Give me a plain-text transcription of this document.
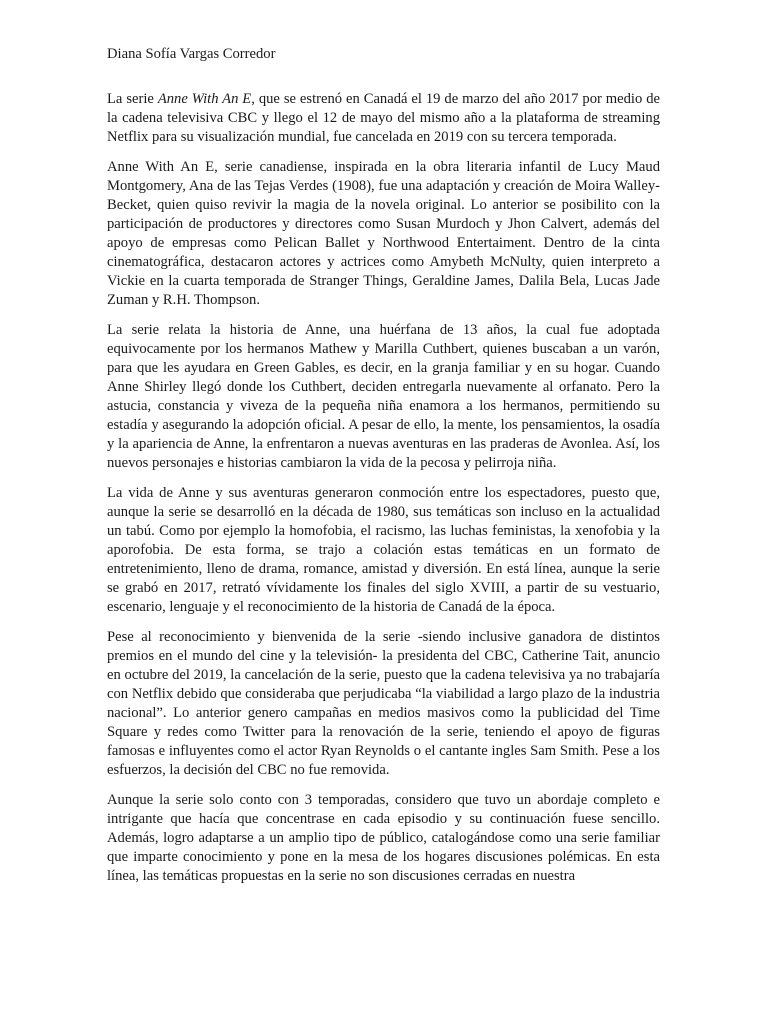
Diana Sofía Vargas Corredor

La serie Anne With An E, que se estrenó en Canadá el 19 de marzo del año 2017 por medio de la cadena televisiva CBC y llego el 12 de mayo del mismo año a la plataforma de streaming Netflix para su visualización mundial, fue cancelada en 2019 con su tercera temporada.

Anne With An E, serie canadiense, inspirada en la obra literaria infantil de Lucy Maud Montgomery, Ana de las Tejas Verdes (1908), fue una adaptación y creación de Moira Walley-Becket, quien quiso revivir la magia de la novela original. Lo anterior se posibilito con la participación de productores y directores como Susan Murdoch y Jhon Calvert, además del apoyo de empresas como Pelican Ballet y Northwood Entertaiment. Dentro de la cinta cinematográfica, destacaron actores y actrices como Amybeth McNulty, quien interpreto a Vickie en la cuarta temporada de Stranger Things, Geraldine James, Dalila Bela, Lucas Jade Zuman y R.H. Thompson.

La serie relata la historia de Anne, una huérfana de 13 años, la cual fue adoptada equivocamente por los hermanos Mathew y Marilla Cuthbert, quienes buscaban a un varón, para que les ayudara en Green Gables, es decir, en la granja familiar y en su hogar. Cuando Anne Shirley llegó donde los Cuthbert, deciden entregarla nuevamente al orfanato. Pero la astucia, constancia y viveza de la pequeña niña enamora a los hermanos, permitiendo su estadía y asegurando la adopción oficial. A pesar de ello, la mente, los pensamientos, la osadía y la apariencia de Anne, la enfrentaron a nuevas aventuras en las praderas de Avonlea. Así, los nuevos personajes e historias cambiaron la vida de la pecosa y pelirroja niña.

La vida de Anne y sus aventuras generaron conmoción entre los espectadores, puesto que, aunque la serie se desarrolló en la década de 1980, sus temáticas son incluso en la actualidad un tabú. Como por ejemplo la homofobia, el racismo, las luchas feministas, la xenofobia y la aporofobia. De esta forma, se trajo a colación estas temáticas en un formato de entretenimiento, lleno de drama, romance, amistad y diversión. En está línea, aunque la serie se grabó en 2017, retrató vívidamente los finales del siglo XVIII, a partir de su vestuario, escenario, lenguaje y el reconocimiento de la historia de Canadá de la época.

Pese al reconocimiento y bienvenida de la serie -siendo inclusive ganadora de distintos premios en el mundo del cine y la televisión- la presidenta del CBC, Catherine Tait, anuncio en octubre del 2019, la cancelación de la serie, puesto que la cadena televisiva ya no trabajaría con Netflix debido que consideraba que perjudicaba “la viabilidad a largo plazo de la industria nacional”. Lo anterior genero campañas en medios masivos como la publicidad del Time Square y redes como Twitter para la renovación de la serie, teniendo el apoyo de figuras famosas e influyentes como el actor Ryan Reynolds o el cantante ingles Sam Smith. Pese a los esfuerzos, la decisión del CBC no fue removida.

Aunque la serie solo conto con 3 temporadas, considero que tuvo un abordaje completo e intrigante que hacía que concentrase en cada episodio y su continuación fuese sencillo. Además, logro adaptarse a un amplio tipo de público, catalogándose como una serie familiar que imparte conocimiento y pone en la mesa de los hogares discusiones polémicas. En esta línea, las temáticas propuestas en la serie no son discusiones cerradas en nuestra
